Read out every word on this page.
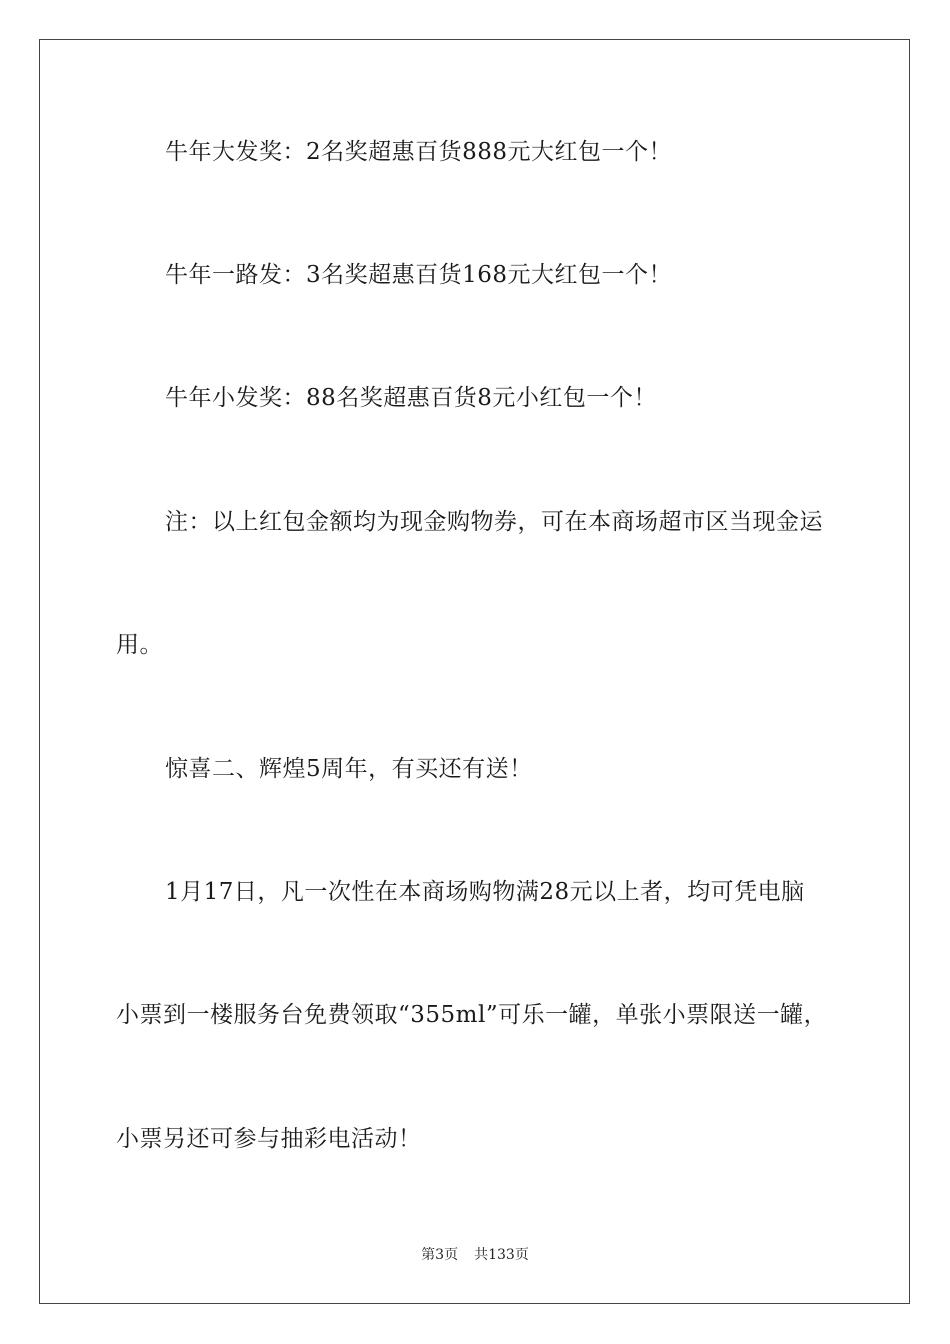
牛年大发奖：2名奖超惠百货888元大红包一个！
牛年一路发：3名奖超惠百货168元大红包一个！
牛年小发奖：88名奖超惠百货8元小红包一个！
注：以上红包金额均为现金购物券，可在本商场超市区当现金运
用。
惊喜二、辉煌5周年，有买还有送！
1月17日，凡一次性在本商场购物满28元以上者，均可凭电脑
小票到一楼服务台免费领取“355ml”可乐一罐，单张小票限送一罐，
小票另还可参与抽彩电活动！
第3页 共133页
